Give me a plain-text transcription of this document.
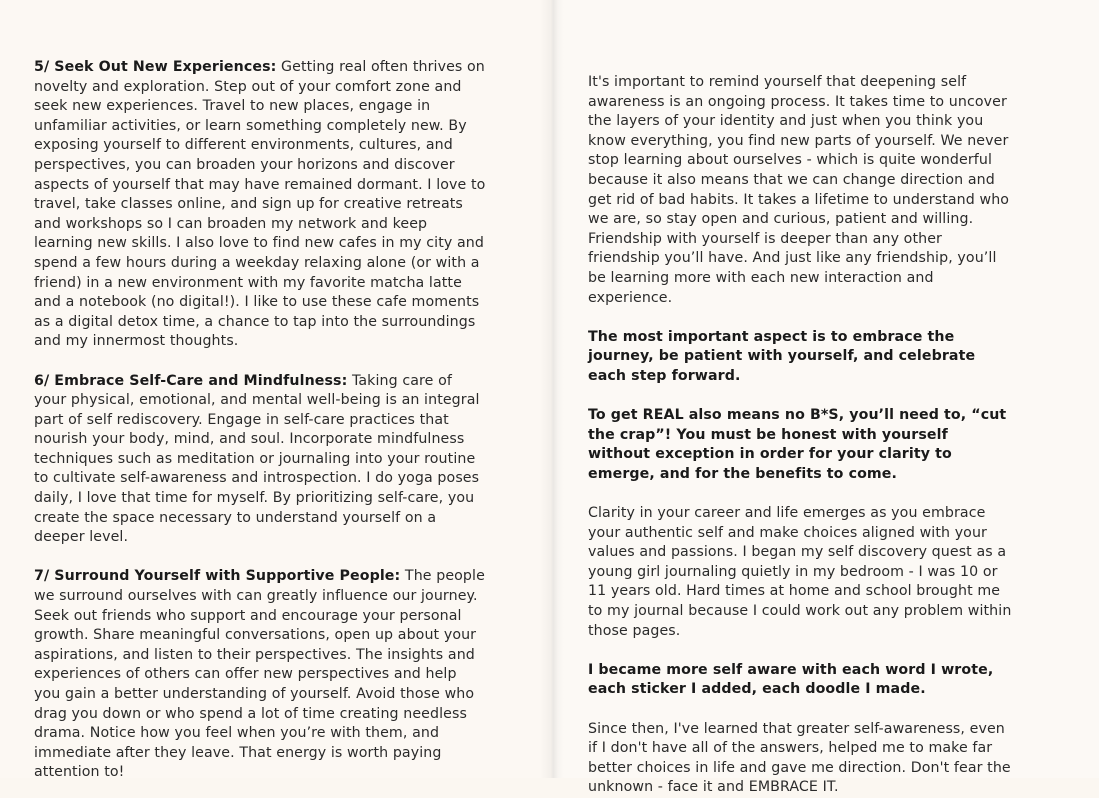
5/ Seek Out New Experiences: Getting real often thrives on novelty and exploration. Step out of your comfort zone and seek new experiences. Travel to new places, engage in unfamiliar activities, or learn something completely new. By exposing yourself to different environments, cultures, and perspectives, you can broaden your horizons and discover aspects of yourself that may have remained dormant. I love to travel, take classes online, and sign up for creative retreats and workshops so I can broaden my network and keep learning new skills. I also love to find new cafes in my city and spend a few hours during a weekday relaxing alone (or with a friend) in a new environment with my favorite matcha latte and a notebook (no digital!). I like to use these cafe moments as a digital detox time, a chance to tap into the surroundings and my innermost thoughts.

6/ Embrace Self-Care and Mindfulness: Taking care of your physical, emotional, and mental well-being is an integral part of self rediscovery. Engage in self-care practices that nourish your body, mind, and soul. Incorporate mindfulness techniques such as meditation or journaling into your routine to cultivate self-awareness and introspection. I do yoga poses daily, I love that time for myself. By prioritizing self-care, you create the space necessary to understand yourself on a deeper level.

7/ Surround Yourself with Supportive People: The people we surround ourselves with can greatly influence our journey. Seek out friends who support and encourage your personal growth. Share meaningful conversations, open up about your aspirations, and listen to their perspectives. The insights and experiences of others can offer new perspectives and help you gain a better understanding of yourself. Avoid those who drag you down or who spend a lot of time creating needless drama. Notice how you feel when you’re with them, and immediate after they leave. That energy is worth paying attention to!

It's important to remind yourself that deepening self awareness is an ongoing process. It takes time to uncover the layers of your identity and just when you think you know everything, you find new parts of yourself. We never stop learning about ourselves - which is quite wonderful because it also means that we can change direction and get rid of bad habits. It takes a lifetime to understand who we are, so stay open and curious, patient and willing. Friendship with yourself is deeper than any other friendship you’ll have. And just like any friendship, you’ll be learning more with each new interaction and experience.

The most important aspect is to embrace the journey, be patient with yourself, and celebrate each step forward.

To get REAL also means no B*S, you’ll need to, “cut the crap”! You must be honest with yourself without exception in order for your clarity to emerge, and for the benefits to come.

Clarity in your career and life emerges as you embrace your authentic self and make choices aligned with your values and passions. I began my self discovery quest as a young girl journaling quietly in my bedroom - I was 10 or 11 years old. Hard times at home and school brought me to my journal because I could work out any problem within those pages.

I became more self aware with each word I wrote, each sticker I added, each doodle I made.

Since then, I've learned that greater self-awareness, even if I don't have all of the answers, helped me to make far better choices in life and gave me direction. Don't fear the unknown - face it and EMBRACE IT.
